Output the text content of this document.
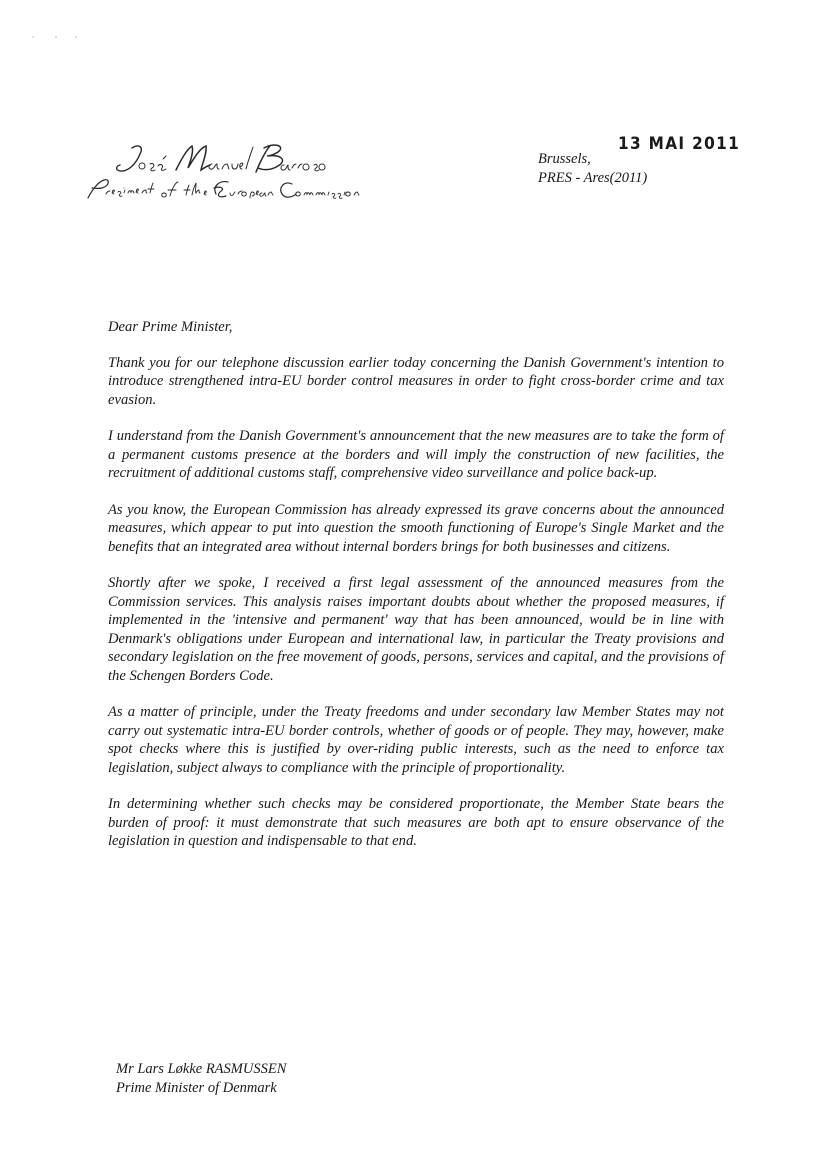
13 MAI 2011
Brussels,
PRES - Ares(2011)

Dear Prime Minister,

Thank you for our telephone discussion earlier today concerning the Danish Government's intention to introduce strengthened intra-EU border control measures in order to fight cross-border crime and tax evasion.

I understand from the Danish Government's announcement that the new measures are to take the form of a permanent customs presence at the borders and will imply the construction of new facilities, the recruitment of additional customs staff, comprehensive video surveillance and police back-up.

As you know, the European Commission has already expressed its grave concerns about the announced measures, which appear to put into question the smooth functioning of Europe's Single Market and the benefits that an integrated area without internal borders brings for both businesses and citizens.

Shortly after we spoke, I received a first legal assessment of the announced measures from the Commission services. This analysis raises important doubts about whether the proposed measures, if implemented in the 'intensive and permanent' way that has been announced, would be in line with Denmark's obligations under European and international law, in particular the Treaty provisions and secondary legislation on the free movement of goods, persons, services and capital, and the provisions of the Schengen Borders Code.

As a matter of principle, under the Treaty freedoms and under secondary law Member States may not carry out systematic intra-EU border controls, whether of goods or of people. They may, however, make spot checks where this is justified by over-riding public interests, such as the need to enforce tax legislation, subject always to compliance with the principle of proportionality.

In determining whether such checks may be considered proportionate, the Member State bears the burden of proof: it must demonstrate that such measures are both apt to ensure observance of the legislation in question and indispensable to that end.

Mr Lars Løkke RASMUSSEN
Prime Minister of Denmark
